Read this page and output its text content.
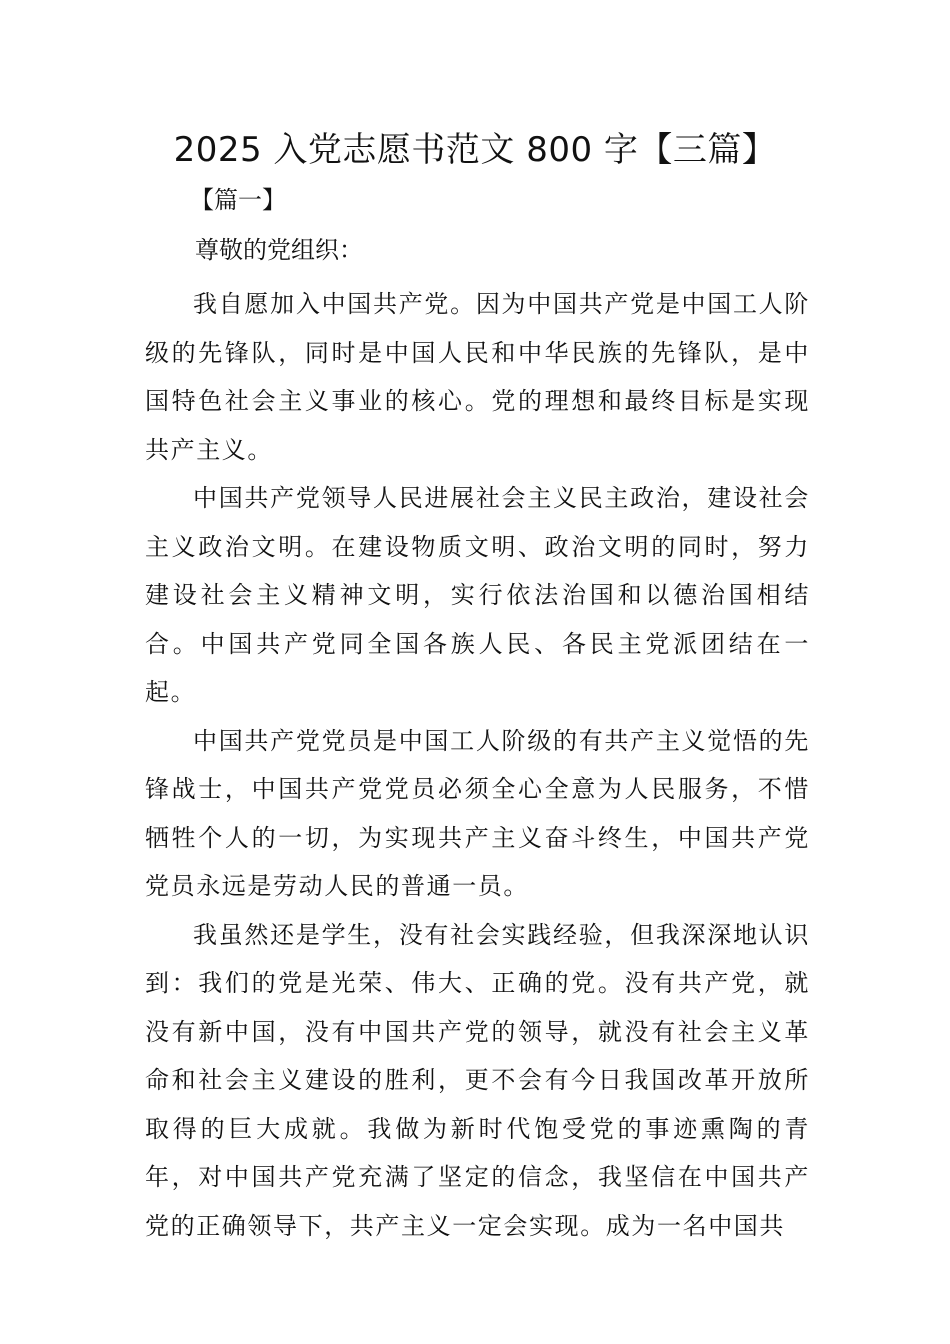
2025 入党志愿书范文 800 字【三篇】
【篇一】
尊敬的党组织：

我自愿加入中国共产党。因为中国共产党是中国工人阶级的先锋队，同时是中国人民和中华民族的先锋队，是中国特色社会主义事业的核心。党的理想和最终目标是实现共产主义。

中国共产党领导人民进展社会主义民主政治，建设社会主义政治文明。在建设物质文明、政治文明的同时，努力建设社会主义精神文明，实行依法治国和以德治国相结合。中国共产党同全国各族人民、各民主党派团结在一起。

中国共产党党员是中国工人阶级的有共产主义觉悟的先锋战士，中国共产党党员必须全心全意为人民服务，不惜牺牲个人的一切，为实现共产主义奋斗终生，中国共产党党员永远是劳动人民的普通一员。

我虽然还是学生，没有社会实践经验，但我深深地认识到：我们的党是光荣、伟大、正确的党。没有共产党，就没有新中国，没有中国共产党的领导，就没有社会主义革命和社会主义建设的胜利，更不会有今日我国改革开放所取得的巨大成就。我做为新时代饱受党的事迹熏陶的青年，对中国共产党充满了坚定的信念，我坚信在中国共产党的正确领导下，共产主义一定会实现。成为一名中国共
